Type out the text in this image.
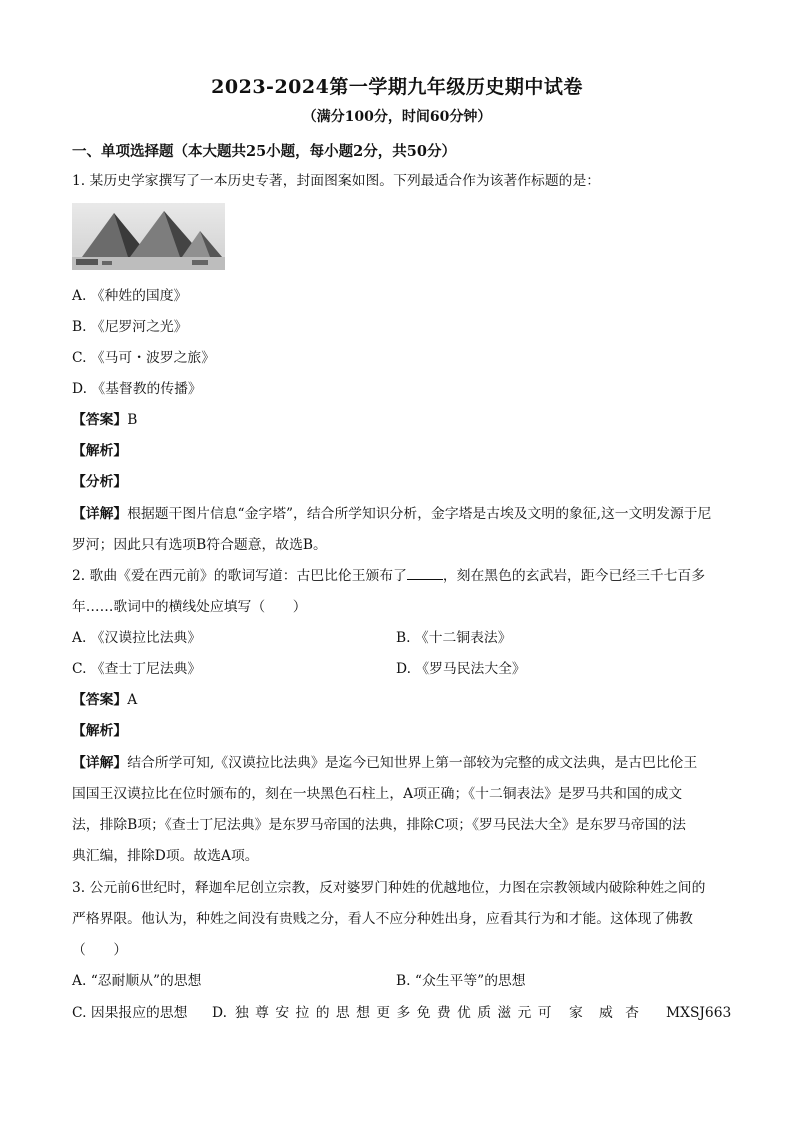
2023-2024第一学期九年级历史期中试卷
（满分100分，时间60分钟）
一、单项选择题（本大题共25小题，每小题2分，共50分）
1. 某历史学家撰写了一本历史专著，封面图案如图。下列最适合作为该著作标题的是：
A. 《种姓的国度》
B. 《尼罗河之光》
C. 《马可・波罗之旅》
D. 《基督教的传播》
【答案】B
【解析】
【分析】
【详解】根据题干图片信息“金字塔”，结合所学知识分析，金字塔是古埃及文明的象征,这一文明发源于尼
罗河；因此只有选项B符合题意，故选B。
2. 歌曲《爱在西元前》的歌词写道：古巴比伦王颁布了	，刻在黑色的玄武岩，距今已经三千七百多
年……歌词中的横线处应填写（　　）
A. 《汉谟拉比法典》	B. 《十二铜表法》
C. 《查士丁尼法典》	D. 《罗马民法大全》
【答案】A
【解析】
【详解】结合所学可知,《汉谟拉比法典》是迄今已知世界上第一部较为完整的成文法典，是古巴比伦王
国国王汉谟拉比在位时颁布的，刻在一块黑色石柱上，A项正确；《十二铜表法》是罗马共和国的成文
法，排除B项；《查士丁尼法典》是东罗马帝国的法典，排除C项；《罗马民法大全》是东罗马帝国的法
典汇编，排除D项。故选A项。
3. 公元前6世纪时，释迦牟尼创立宗教，反对婆罗门种姓的优越地位，力图在宗教领域内破除种姓之间的
严格界限。他认为，种姓之间没有贵贱之分，看人不应分种姓出身，应看其行为和才能。这体现了佛教
（　　）
A. “忍耐顺从”的思想	B. “众生平等”的思想
C. 因果报应的思想 D. 独 尊 安 拉 的 思 想 更 多 免 费 优 质 滋 元 可 家 威 杏 MXSJ663
